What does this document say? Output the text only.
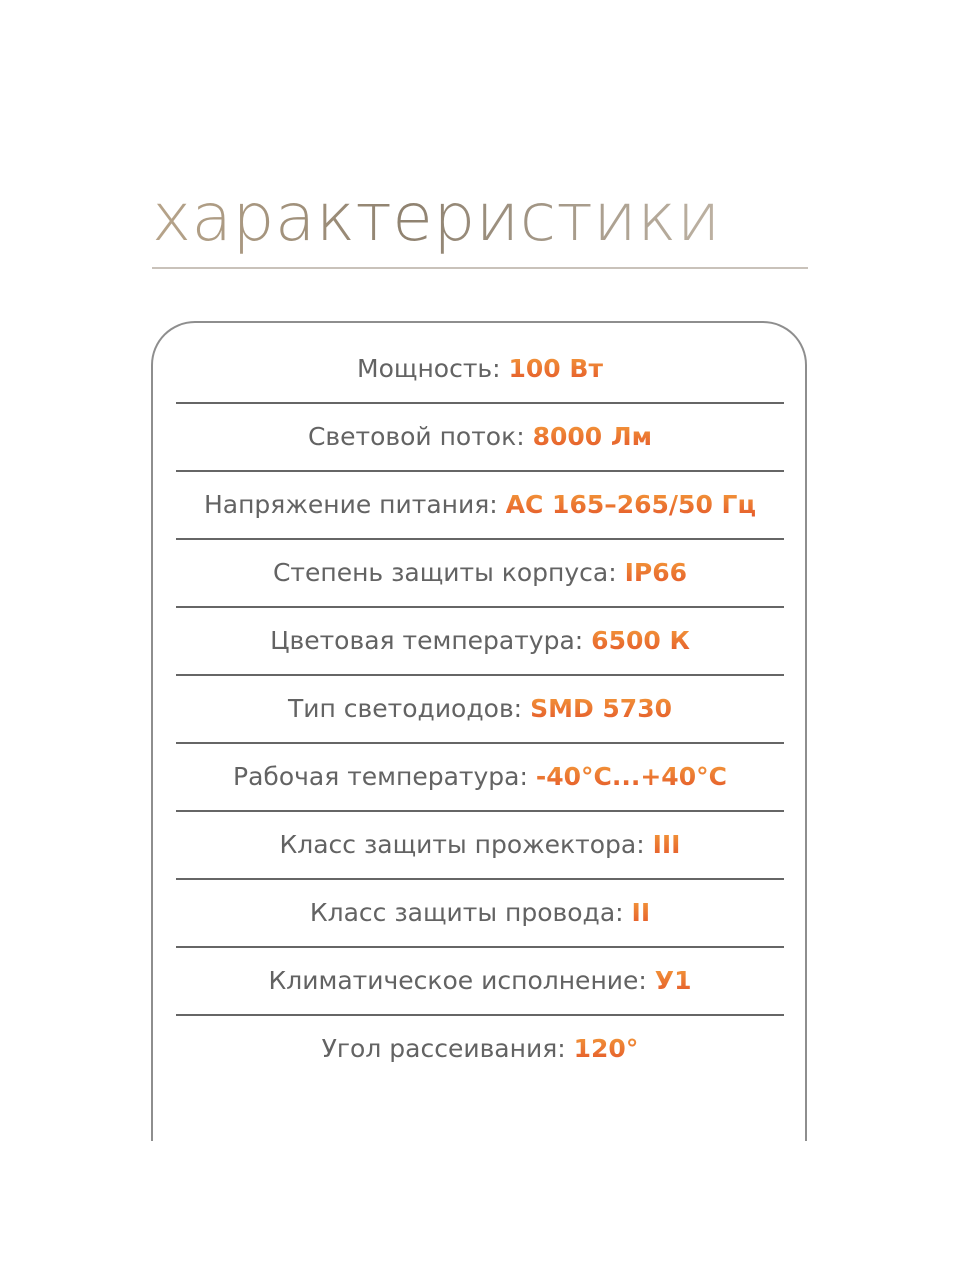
характеристики
Мощность: 100 Вт
Световой поток: 8000 Лм
Напряжение питания: АС 165–265/50 Гц
Степень защиты корпуса: IP66
Цветовая температура: 6500 К
Тип светодиодов: SMD 5730
Рабочая температура: -40°C...+40°C
Класс защиты прожектора: III
Класс защиты провода: II
Климатическое исполнение: У1
Угол рассеивания: 120°
